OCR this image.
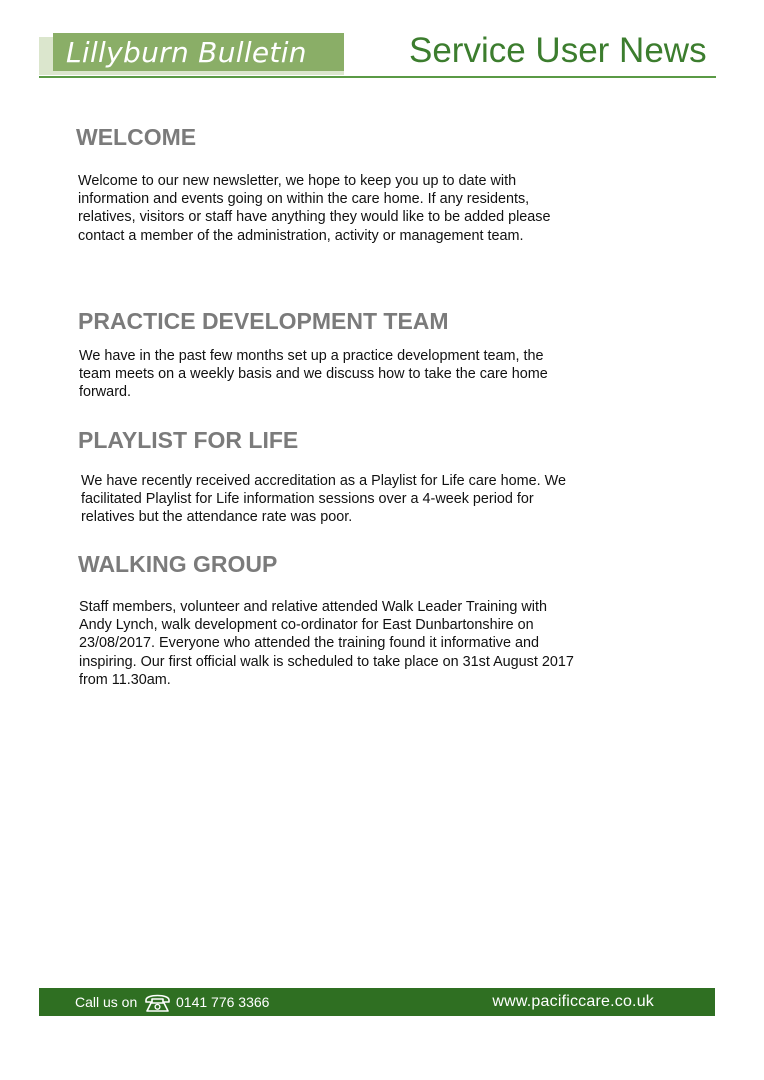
Lillyburn Bulletin	Service User News
WELCOME

Welcome to our new newsletter, we hope to keep you up to date with
information and events going on within the care home. If any residents,
relatives, visitors or staff have anything they would like to be added please
contact a member of the administration, activity or management team.

PRACTICE DEVELOPMENT TEAM

We have in the past few months set up a practice development team, the
team meets on a weekly basis and we discuss how to take the care home
forward.

PLAYLIST FOR LIFE

We have recently received accreditation as a Playlist for Life care home. We
facilitated Playlist for Life information sessions over a 4-week period for
relatives but the attendance rate was poor.

WALKING GROUP

Staff members, volunteer and relative attended Walk Leader Training with
Andy Lynch, walk development co-ordinator for East Dunbartonshire on
23/08/2017. Everyone who attended the training found it informative and
inspiring. Our first official walk is scheduled to take place on 31st August 2017
from 11.30am.

Call us on	0141 776 3366	www.pacificcare.co.uk
